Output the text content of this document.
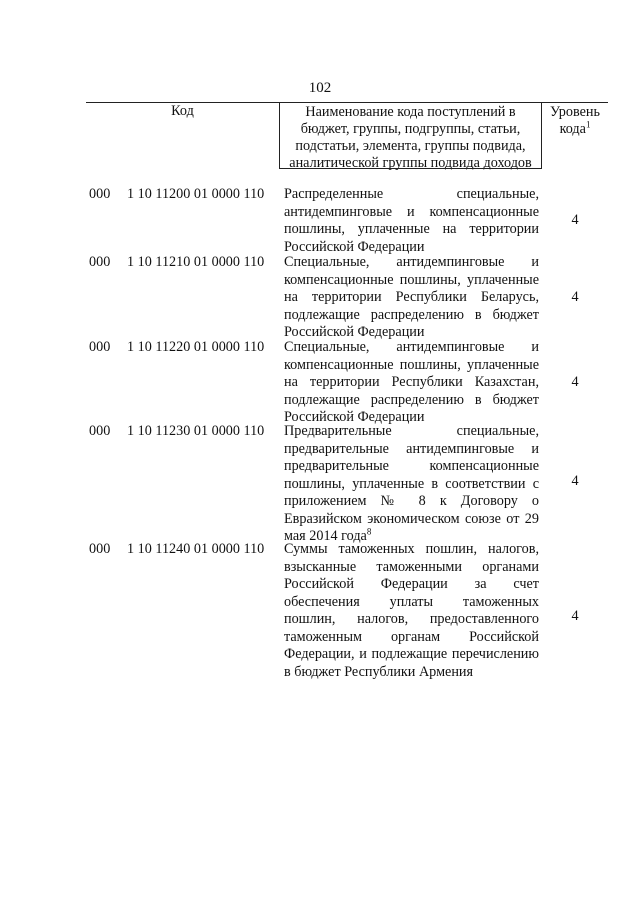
102
Код	Наименование кода поступлений в бюджет, группы, подгруппы, статьи, подстатьи, элемента, группы подвида, аналитической группы подвида доходов
Уровень кода$^1$
000 1 10 11200 01 0000 110 Распределенные специальные, антидемпинговые и компенсационные пошлины, уплаченные на территории Российской Федерации
4
000 1 10 11210 01 0000 110 Специальные, антидемпинговые и компенсационные пошлины, уплаченные на территории Республики Беларусь, подлежащие распределению в бюджет Российской Федерации
4
000 1 10 11220 01 0000 110 Специальные, антидемпинговые и компенсационные пошлины, уплаченные на территории Республики Казахстан, подлежащие распределению в бюджет Российской Федерации
4
000 1 10 11230 01 0000 110 Предварительные специальные, предварительные антидемпинговые и предварительные компенсационные пошлины, уплаченные в соответствии с приложением № 8 к Договору о Евразийском экономическом союзе от 29 мая 2014 года$^8$
4
000 1 10 11240 01 0000 110 Суммы таможенных пошлин, налогов, взысканные таможенными органами Российской Федерации за счет обеспечения уплаты таможенных пошлин, налогов, предоставленного таможенным органам Российской Федерации, и подлежащие перечислению в бюджет Республики Армения
4
